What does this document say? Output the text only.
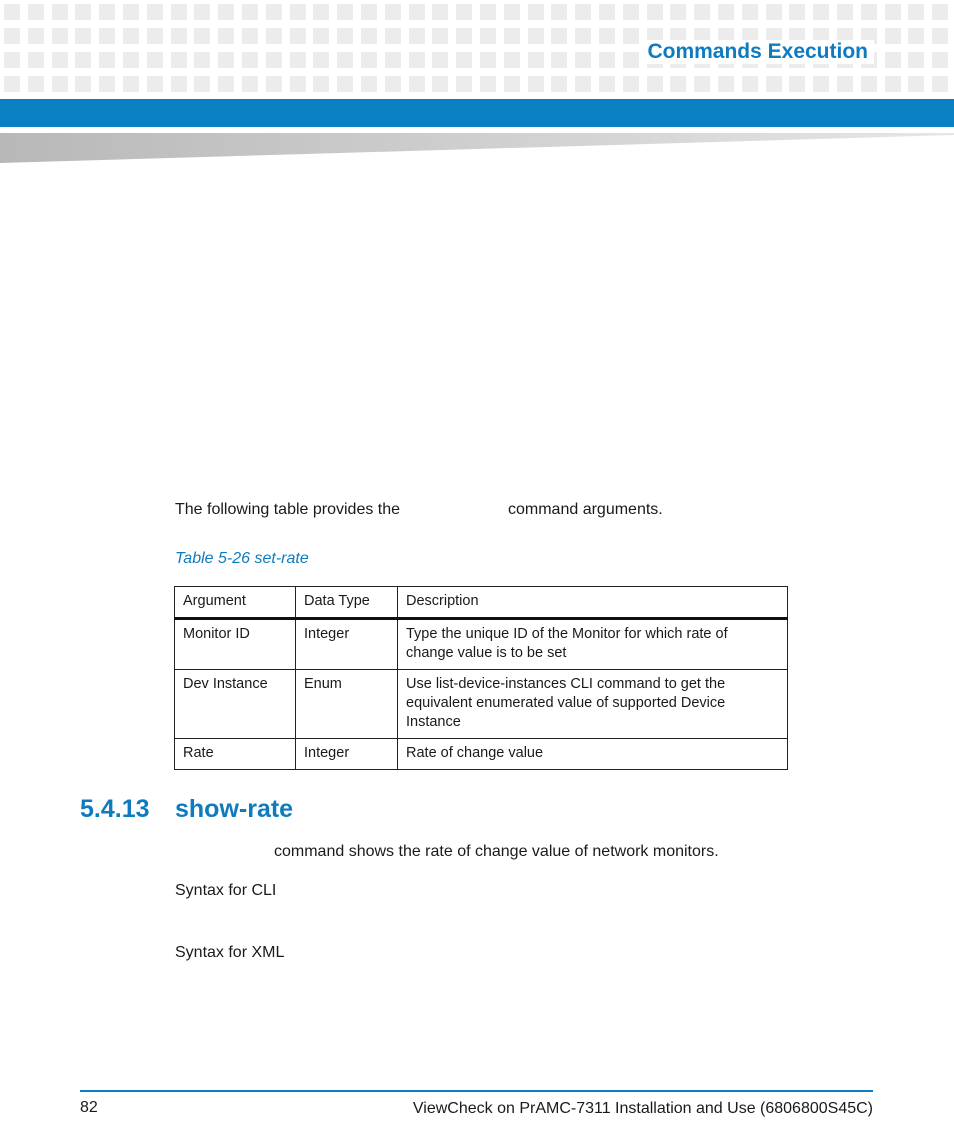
Commands Execution
The following table provides the	command arguments.
Table 5-26 set-rate
Argument	Data Type	Description
Monitor ID	Integer	Type the unique ID of the Monitor for which rate of change value is to be set
Dev Instance	Enum	Use list-device-instances CLI command to get the equivalent enumerated value of supported Device Instance
Rate	Integer	Rate of change value
5.4.13 show-rate
command shows the rate of change value of network monitors.
Syntax for CLI
Syntax for XML
82	ViewCheck on PrAMC-7311 Installation and Use (6806800S45C)
